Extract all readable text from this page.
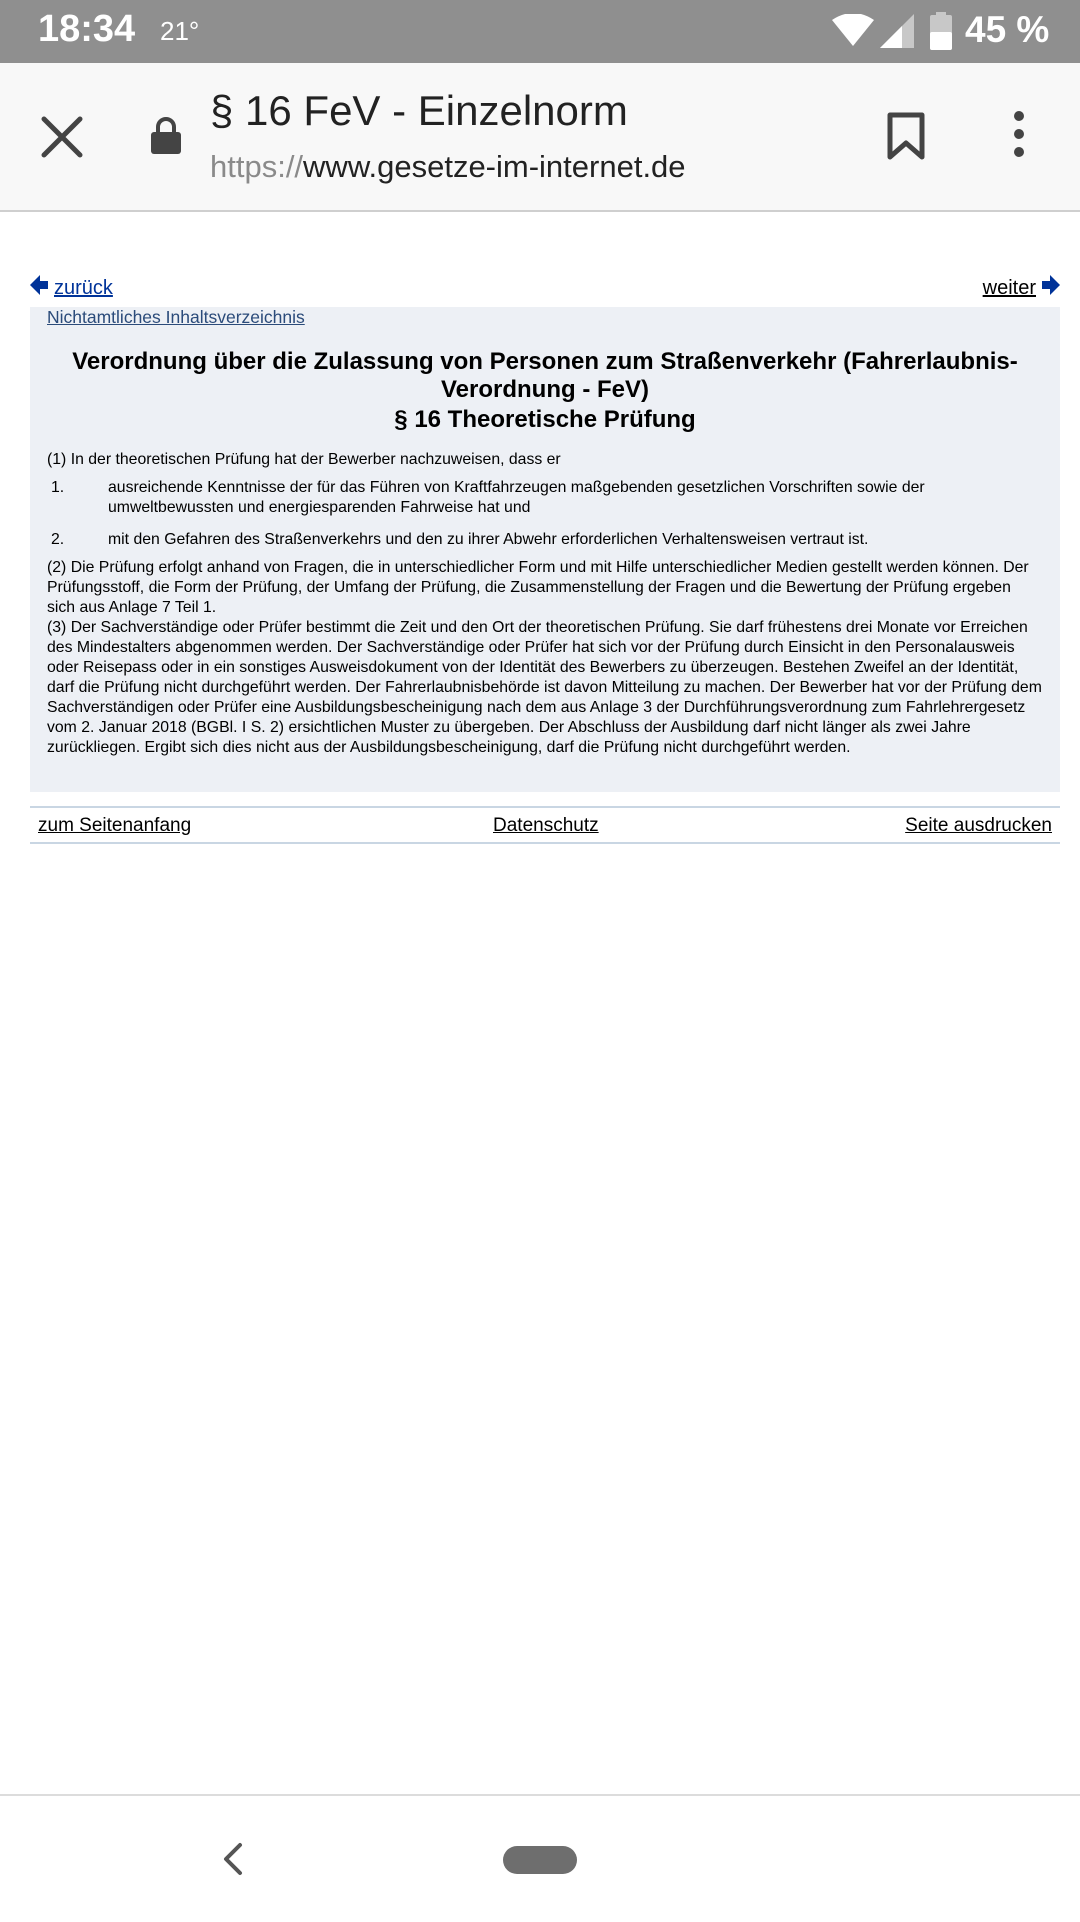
18:34 21°	45 %
§ 16 FeV - Einzelnorm
https://www.gesetze-im-internet.de
zurück	weiter
Nichtamtliches Inhaltsverzeichnis
Verordnung über die Zulassung von Personen zum Straßenverkehr (Fahrerlaubnis-Verordnung - FeV)
§ 16 Theoretische Prüfung
(1) In der theoretischen Prüfung hat der Bewerber nachzuweisen, dass er
1.	ausreichende Kenntnisse der für das Führen von Kraftfahrzeugen maßgebenden gesetzlichen Vorschriften sowie der umweltbewussten und energiesparenden Fahrweise hat und
2.	mit den Gefahren des Straßenverkehrs und den zu ihrer Abwehr erforderlichen Verhaltensweisen vertraut ist.
(2) Die Prüfung erfolgt anhand von Fragen, die in unterschiedlicher Form und mit Hilfe unterschiedlicher Medien gestellt werden können. Der Prüfungsstoff, die Form der Prüfung, der Umfang der Prüfung, die Zusammenstellung der Fragen und die Bewertung der Prüfung ergeben sich aus Anlage 7 Teil 1.
(3) Der Sachverständige oder Prüfer bestimmt die Zeit und den Ort der theoretischen Prüfung. Sie darf frühestens drei Monate vor Erreichen des Mindestalters abgenommen werden. Der Sachverständige oder Prüfer hat sich vor der Prüfung durch Einsicht in den Personalausweis oder Reisepass oder in ein sonstiges Ausweisdokument von der Identität des Bewerbers zu überzeugen. Bestehen Zweifel an der Identität, darf die Prüfung nicht durchgeführt werden. Der Fahrerlaubnisbehörde ist davon Mitteilung zu machen. Der Bewerber hat vor der Prüfung dem Sachverständigen oder Prüfer eine Ausbildungsbescheinigung nach dem aus Anlage 3 der Durchführungsverordnung zum Fahrlehrergesetz vom 2. Januar 2018 (BGBl. I S. 2) ersichtlichen Muster zu übergeben. Der Abschluss der Ausbildung darf nicht länger als zwei Jahre zurückliegen. Ergibt sich dies nicht aus der Ausbildungsbescheinigung, darf die Prüfung nicht durchgeführt werden.
zum Seitenanfang	Datenschutz	Seite ausdrucken
